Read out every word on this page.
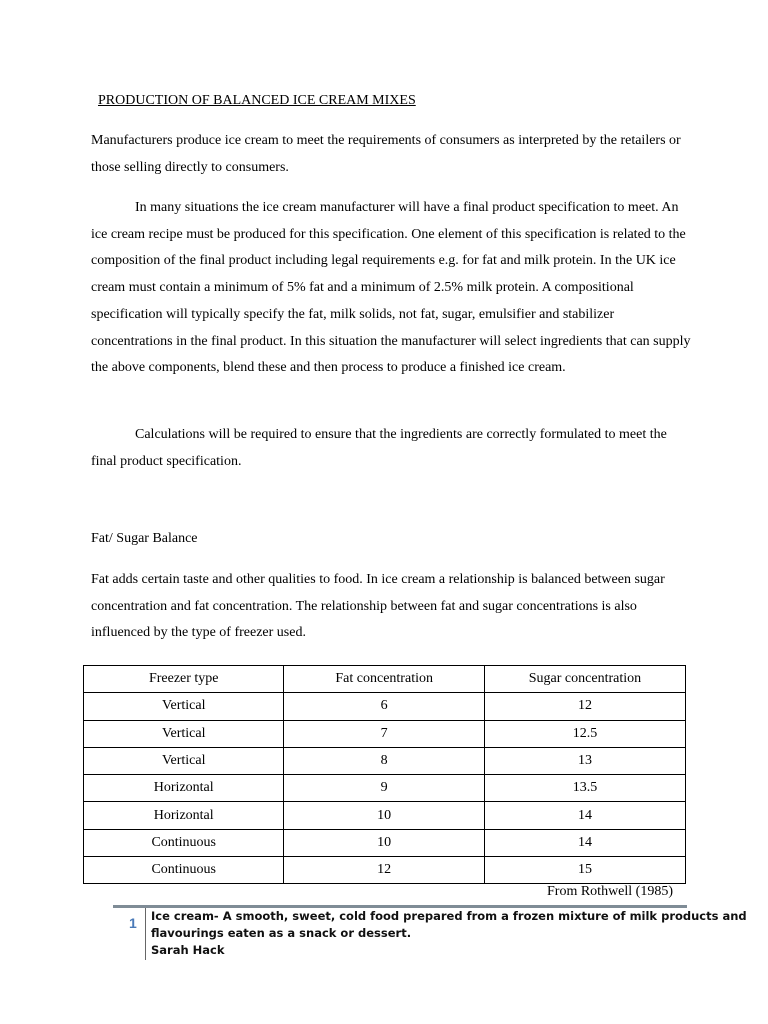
PRODUCTION OF BALANCED ICE CREAM MIXES

Manufacturers produce ice cream to meet the requirements of consumers as interpreted by the retailers or those selling directly to consumers.

In many situations the ice cream manufacturer will have a final product specification to meet. An ice cream recipe must be produced for this specification. One element of this specification is related to the composition of the final product including legal requirements e.g. for fat and milk protein. In the UK ice cream must contain a minimum of 5% fat and a minimum of 2.5% milk protein. A compositional specification will typically specify the fat, milk solids, not fat, sugar, emulsifier and stabilizer concentrations in the final product. In this situation the manufacturer will select ingredients that can supply the above components, blend these and then process to produce a finished ice cream.

Calculations will be required to ensure that the ingredients are correctly formulated to meet the final product specification.

Fat/ Sugar Balance

Fat adds certain taste and other qualities to food. In ice cream a relationship is balanced between sugar concentration and fat concentration. The relationship between fat and sugar concentrations is also influenced by the type of freezer used.

Freezer type	Fat concentration	Sugar concentration
Vertical	6	12
Vertical	7	12.5
Vertical	8	13
Horizontal	9	13.5
Horizontal	10	14
Continuous	10	14
Continuous	12	15

From Rothwell (1985)

1 Ice cream- A smooth, sweet, cold food prepared from a frozen mixture of milk products and
flavourings eaten as a snack or dessert.
Sarah Hack
